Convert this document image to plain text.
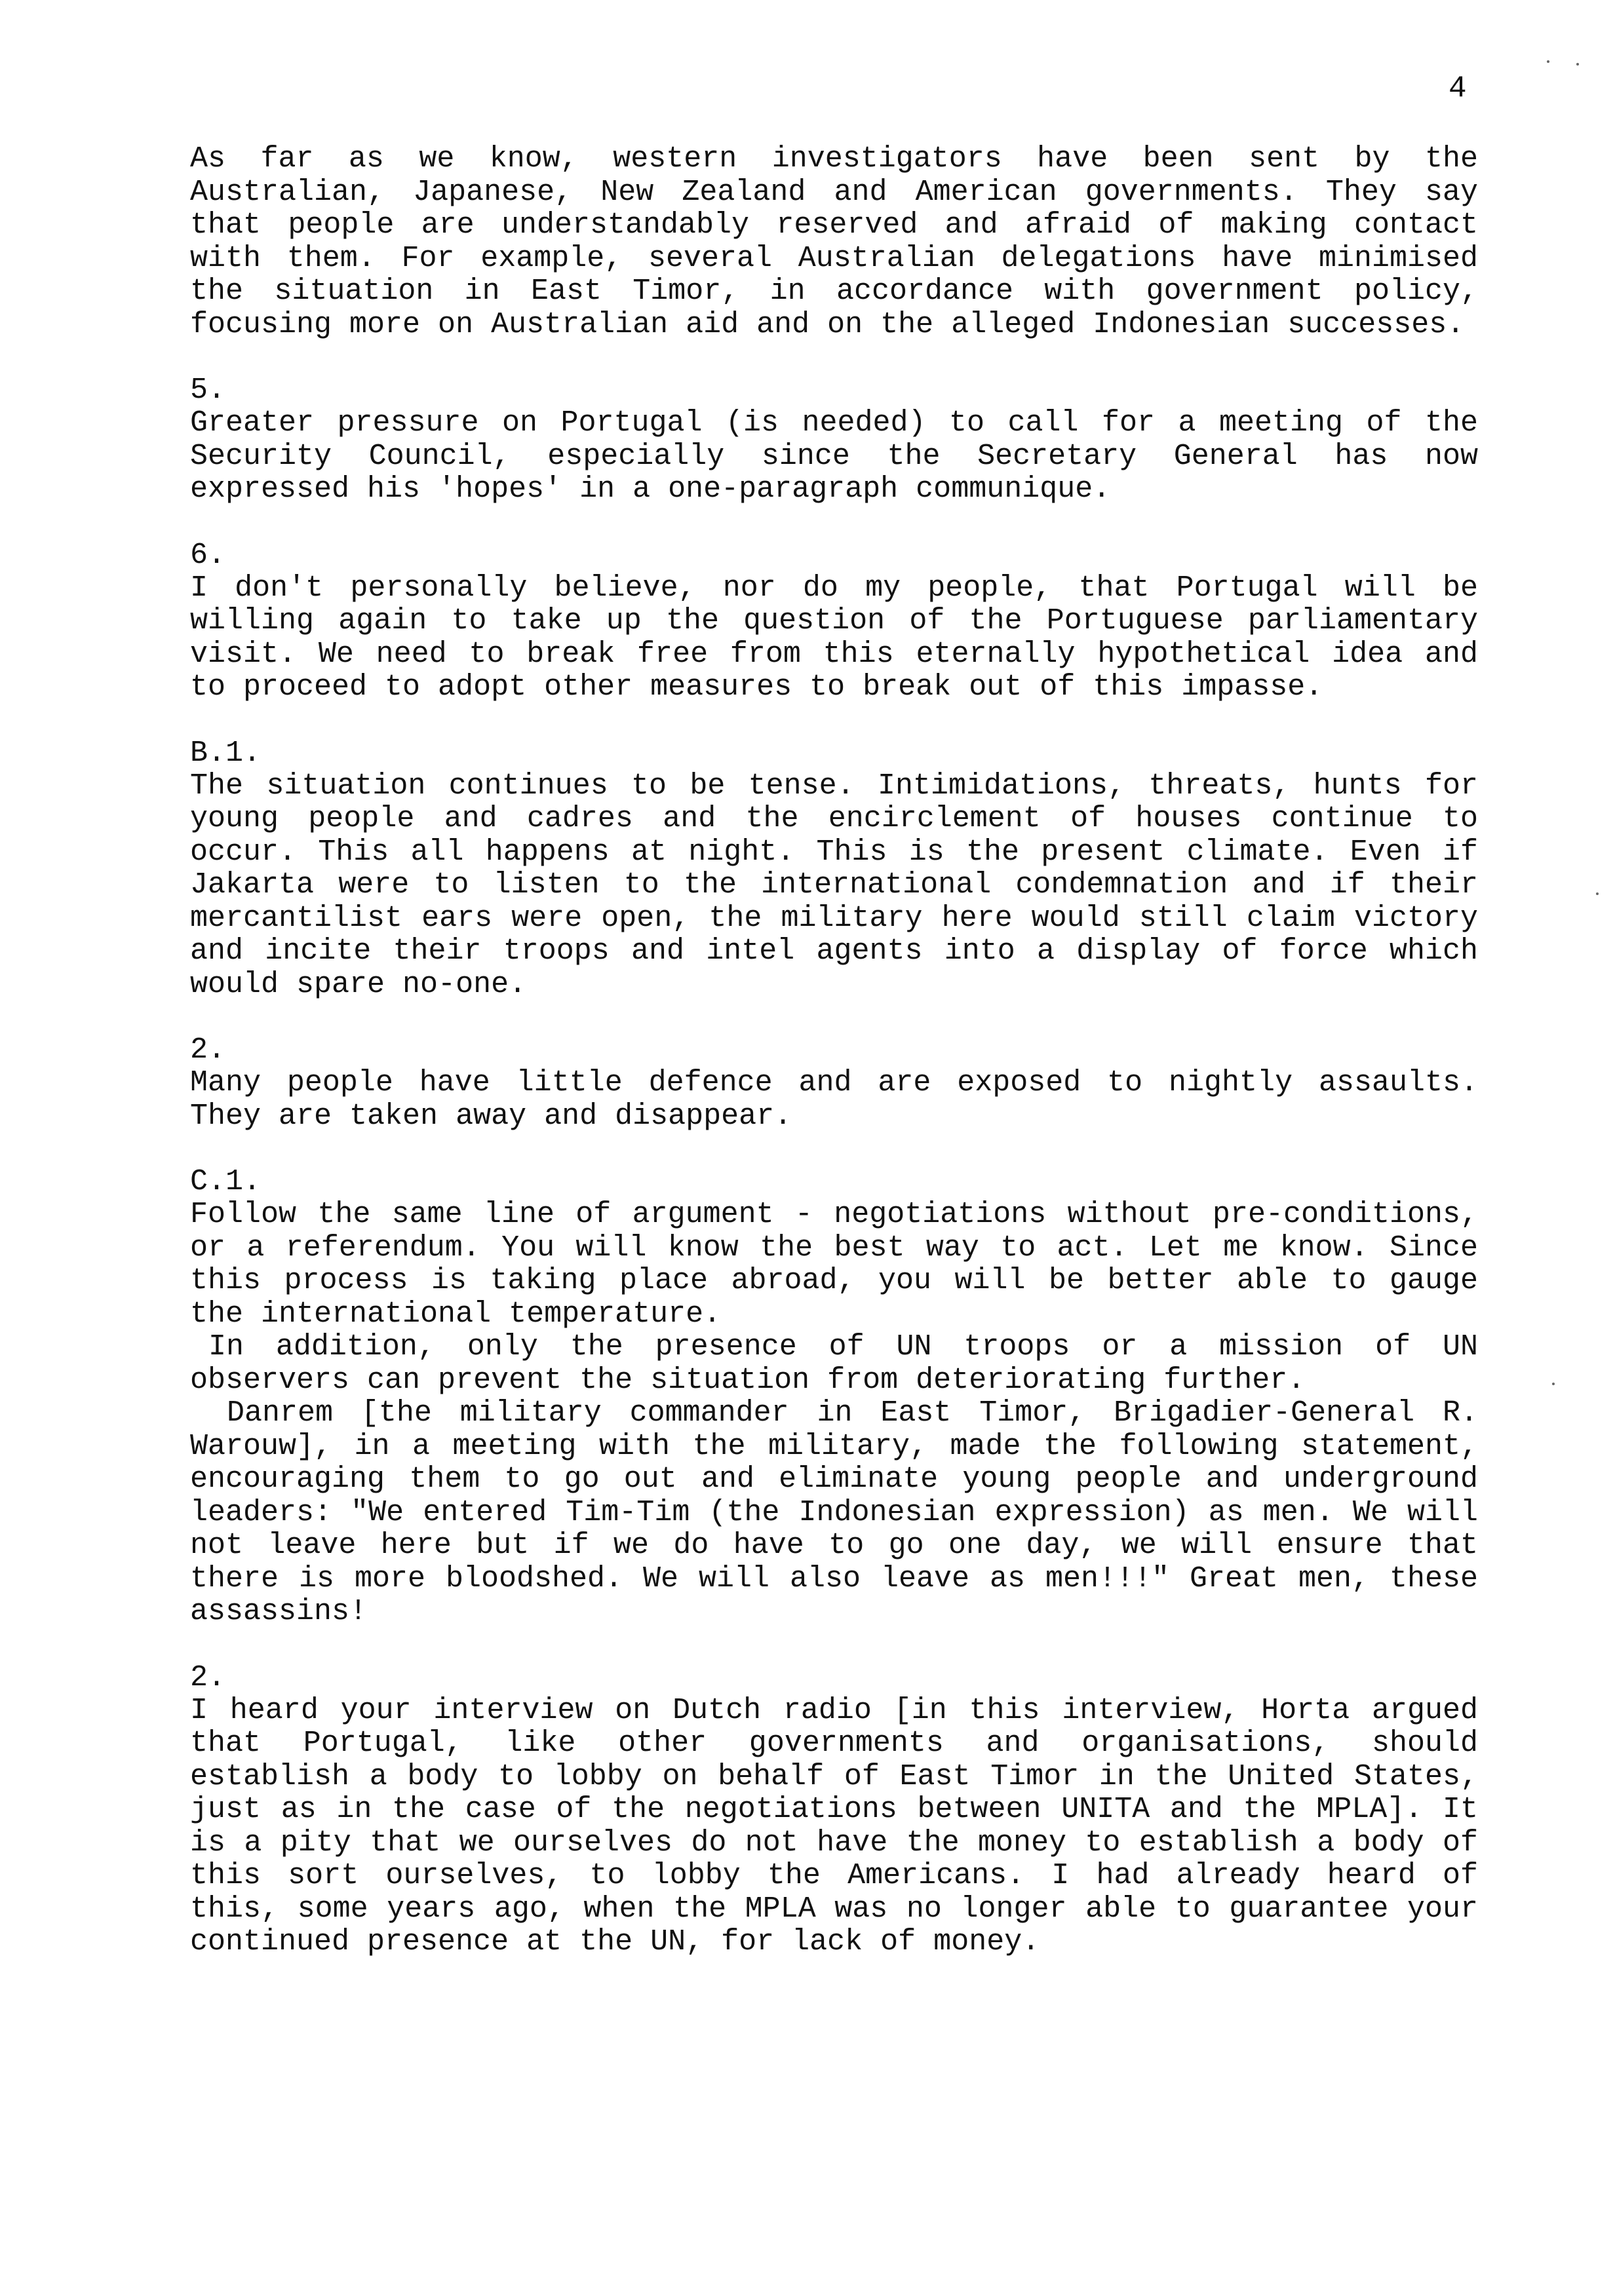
4

As far as we know, western investigators have been sent by the Australian, Japanese, New Zealand and American governments. They say that people are understandably reserved and afraid of making contact with them. For example, several Australian delegations have minimised the situation in East Timor, in accordance with government policy, focusing more on Australian aid and on the alleged Indonesian successes.

5.

Greater pressure on Portugal (is needed) to call for a meeting of the Security Council, especially since the Secretary General has now expressed his 'hopes' in a one-paragraph communique.

6.

I don't personally believe, nor do my people, that Portugal will be willing again to take up the question of the Portuguese parliamentary visit. We need to break free from this eternally hypothetical idea and to proceed to adopt other measures to break out of this impasse.

B.1.

The situation continues to be tense. Intimidations, threats, hunts for young people and cadres and the encirclement of houses continue to occur. This all happens at night. This is the present climate. Even if Jakarta were to listen to the international condemnation and if their mercantilist ears were open, the military here would still claim victory and incite their troops and intel agents into a display of force which would spare no-one.

2.

Many people have little defence and are exposed to nightly assaults. They are taken away and disappear.

C.1.

Follow the same line of argument - negotiations without pre-conditions, or a referendum. You will know the best way to act. Let me know. Since this process is taking place abroad, you will be better able to gauge the international temperature.

In addition, only the presence of UN troops or a mission of UN observers can prevent the situation from deteriorating further.

Danrem [the military commander in East Timor, Brigadier-General R. Warouw], in a meeting with the military, made the following statement, encouraging them to go out and eliminate young people and underground leaders: "We entered Tim-Tim (the Indonesian expression) as men. We will not leave here but if we do have to go one day, we will ensure that there is more bloodshed. We will also leave as men!!!" Great men, these assassins!

2.

I heard your interview on Dutch radio [in this interview, Horta argued that Portugal, like other governments and organisations, should establish a body to lobby on behalf of East Timor in the United States, just as in the case of the negotiations between UNITA and the MPLA]. It is a pity that we ourselves do not have the money to establish a body of this sort ourselves, to lobby the Americans. I had already heard of this, some years ago, when the MPLA was no longer able to guarantee your continued presence at the UN, for lack of money.
